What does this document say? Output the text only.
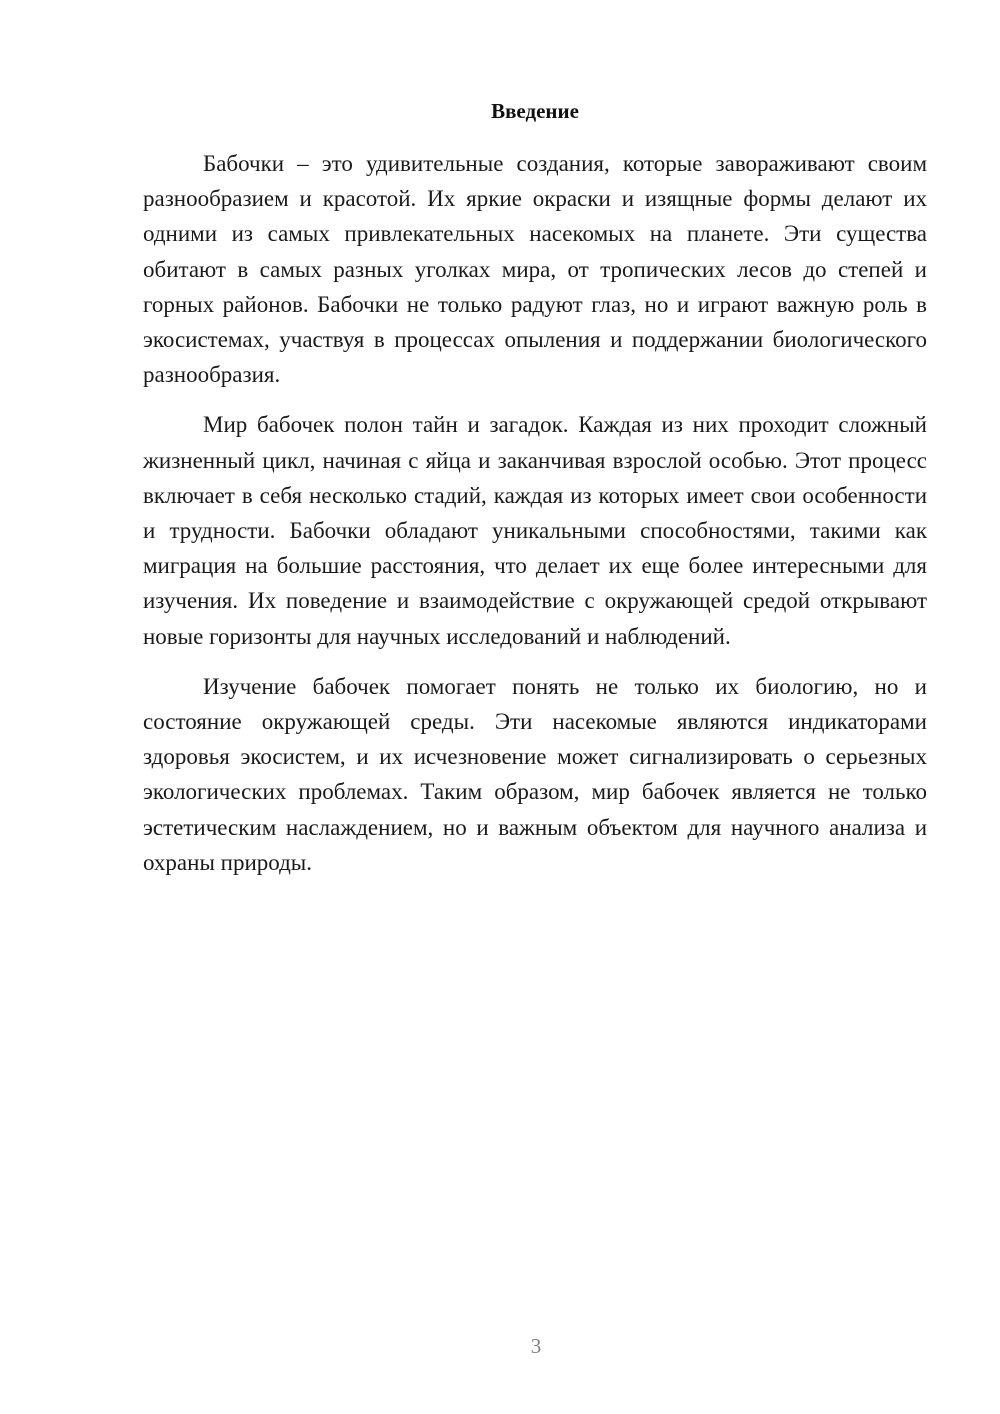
Введение

Бабочки – это удивительные создания, которые завораживают своим разнообразием и красотой. Их яркие окраски и изящные формы делают их одними из самых привлекательных насекомых на планете. Эти существа обитают в самых разных уголках мира, от тропических лесов до степей и горных районов. Бабочки не только радуют глаз, но и играют важную роль в экосистемах, участвуя в процессах опыления и поддержании биологического разнообразия.

Мир бабочек полон тайн и загадок. Каждая из них проходит сложный жизненный цикл, начиная с яйца и заканчивая взрослой особью. Этот процесс включает в себя несколько стадий, каждая из которых имеет свои особенности и трудности. Бабочки обладают уникальными способностями, такими как миграция на большие расстояния, что делает их еще более интересными для изучения. Их поведение и взаимодействие с окружающей средой открывают новые горизонты для научных исследований и наблюдений.

Изучение бабочек помогает понять не только их биологию, но и состояние окружающей среды. Эти насекомые являются индикаторами здоровья экосистем, и их исчезновение может сигнализировать о серьезных экологических проблемах. Таким образом, мир бабочек является не только эстетическим наслаждением, но и важным объектом для научного анализа и охраны природы.

3
